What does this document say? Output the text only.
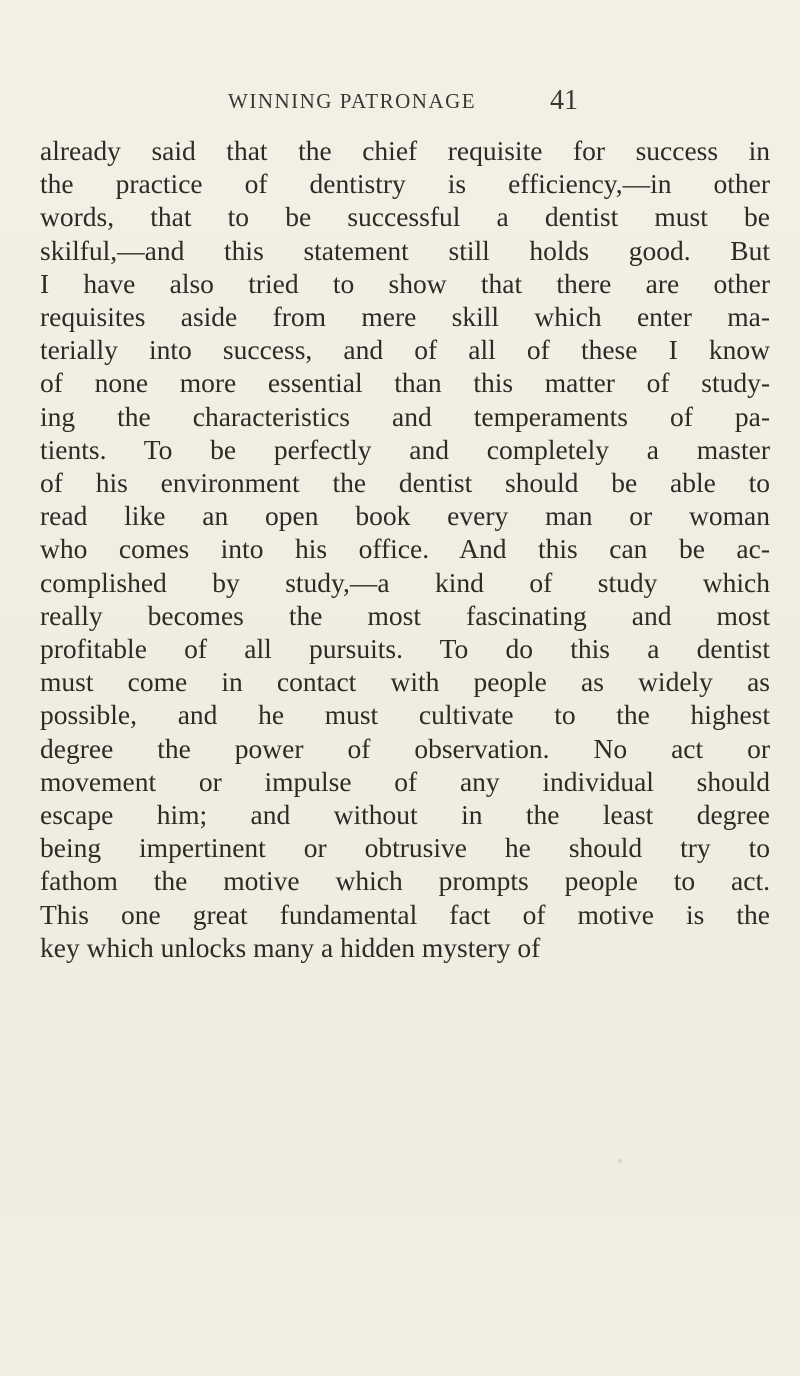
WINNING PATRONAGE	41
already said that the chief requisite for success in
the practice of dentistry is efficiency,—in other
words, that to be successful a dentist must be
skilful,—and this statement still holds good. But
I have also tried to show that there are other
requisites aside from mere skill which enter ma-
terially into success, and of all of these I know
of none more essential than this matter of study-
ing the characteristics and temperaments of pa-
tients. To be perfectly and completely a master
of his environment the dentist should be able to
read like an open book every man or woman
who comes into his office. And this can be ac-
complished by study,—a kind of study which
really becomes the most fascinating and most
profitable of all pursuits. To do this a dentist
must come in contact with people as widely as
possible, and he must cultivate to the highest
degree the power of observation. No act or
movement or impulse of any individual should
escape him; and without in the least degree
being impertinent or obtrusive he should try to
fathom the motive which prompts people to act.
This one great fundamental fact of motive is the
key which unlocks many a hidden mystery of
